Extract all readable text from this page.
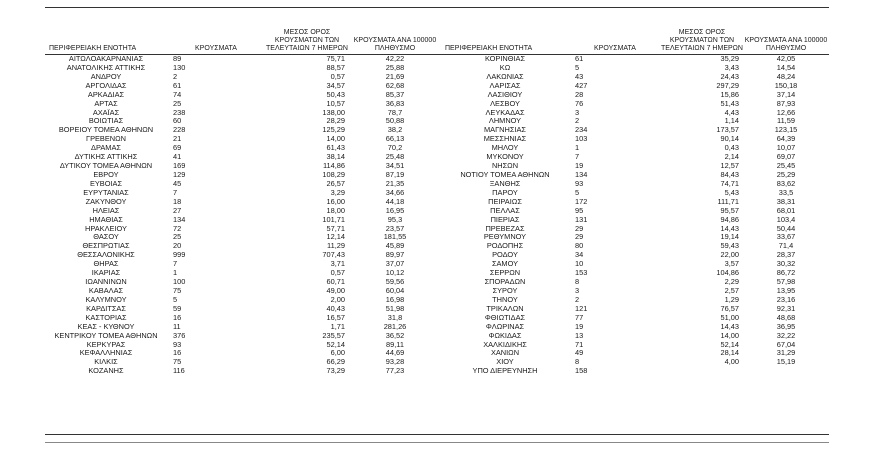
ΠΕΡΙΦΕΡΕΙΑΚΗ ΕΝΟΤΗΤΑ	ΚΡΟΥΣΜΑΤΑ	ΜΕΣΟΣ ΟΡΟΣ ΚΡΟΥΣΜΑΤΩΝ ΤΩΝ ΤΕΛΕΥΤΑΙΩΝ 7 ΗΜΕΡΩΝ	ΚΡΟΥΣΜΑΤΑ ΑΝΑ 100000 ΠΛΗΘΥΣΜΟ
ΑΙΤΩΛΟΑΚΑΡΝΑΝΙΑΣ	89	75,71	42,22
ΑΝΑΤΟΛΙΚΗΣ ΑΤΤΙΚΗΣ	130	88,57	25,88
ΑΝΔΡΟΥ	2	0,57	21,69
ΑΡΓΟΛΙΔΑΣ	61	34,57	62,68
ΑΡΚΑΔΙΑΣ	74	50,43	85,37
ΑΡΤΑΣ	25	10,57	36,83
ΑΧΑΪΑΣ	238	138,00	78,7
ΒΟΙΩΤΙΑΣ	60	28,29	50,88
ΒΟΡΕΙΟΥ ΤΟΜΕΑ ΑΘΗΝΩΝ	228	125,29	38,2
ΓΡΕΒΕΝΩΝ	21	14,00	66,13
ΔΡΑΜΑΣ	69	61,43	70,2
ΔΥΤΙΚΗΣ ΑΤΤΙΚΗΣ	41	38,14	25,48
ΔΥΤΙΚΟΥ ΤΟΜΕΑ ΑΘΗΝΩΝ	169	114,86	34,51
ΕΒΡΟΥ	129	108,29	87,19
ΕΥΒΟΙΑΣ	45	26,57	21,35
ΕΥΡΥΤΑΝΙΑΣ	7	3,29	34,66
ΖΑΚΥΝΘΟΥ	18	16,00	44,18
ΗΛΕΙΑΣ	27	18,00	16,95
ΗΜΑΘΙΑΣ	134	101,71	95,3
ΗΡΑΚΛΕΙΟΥ	72	57,71	23,57
ΘΑΣΟΥ	25	12,14	181,55
ΘΕΣΠΡΩΤΙΑΣ	20	11,29	45,89
ΘΕΣΣΑΛΟΝΙΚΗΣ	999	707,43	89,97
ΘΗΡΑΣ	7	3,71	37,07
ΙΚΑΡΙΑΣ	1	0,57	10,12
ΙΩΑΝΝΙΝΩΝ	100	60,71	59,56
ΚΑΒΑΛΑΣ	75	49,00	60,04
ΚΑΛΥΜΝΟΥ	5	2,00	16,98
ΚΑΡΔΙΤΣΑΣ	59	40,43	51,98
ΚΑΣΤΟΡΙΑΣ	16	16,57	31,8
ΚΕΑΣ - ΚΥΘΝΟΥ	11	1,71	281,26
ΚΕΝΤΡΙΚΟΥ ΤΟΜΕΑ ΑΘΗΝΩΝ	376	235,57	36,52
ΚΕΡΚΥΡΑΣ	93	52,14	89,11
ΚΕΦΑΛΛΗΝΙΑΣ	16	6,00	44,69
ΚΙΛΚΙΣ	75	66,29	93,28
ΚΟΖΑΝΗΣ	116	73,29	77,23
ΠΕΡΙΦΕΡΕΙΑΚΗ ΕΝΟΤΗΤΑ	ΚΡΟΥΣΜΑΤΑ	ΜΕΣΟΣ ΟΡΟΣ ΚΡΟΥΣΜΑΤΩΝ ΤΩΝ ΤΕΛΕΥΤΑΙΩΝ 7 ΗΜΕΡΩΝ	ΚΡΟΥΣΜΑΤΑ ΑΝΑ 100000 ΠΛΗΘΥΣΜΟ
ΚΟΡΙΝΘΙΑΣ	61	35,29	42,05
ΚΩ	5	3,43	14,54
ΛΑΚΩΝΙΑΣ	43	24,43	48,24
ΛΑΡΙΣΑΣ	427	297,29	150,18
ΛΑΣΙΘΙΟΥ	28	15,86	37,14
ΛΕΣΒΟΥ	76	51,43	87,93
ΛΕΥΚΑΔΑΣ	3	4,43	12,66
ΛΗΜΝΟΥ	2	1,14	11,59
ΜΑΓΝΗΣΙΑΣ	234	173,57	123,15
ΜΕΣΣΗΝΙΑΣ	103	90,14	64,39
ΜΗΛΟΥ	1	0,43	10,07
ΜΥΚΟΝΟΥ	7	2,14	69,07
ΝΗΣΩΝ	19	12,57	25,45
ΝΟΤΙΟΥ ΤΟΜΕΑ ΑΘΗΝΩΝ	134	84,43	25,29
ΞΑΝΘΗΣ	93	74,71	83,62
ΠΑΡΟΥ	5	5,43	33,5
ΠΕΙΡΑΙΩΣ	172	111,71	38,31
ΠΕΛΛΑΣ	95	95,57	68,01
ΠΙΕΡΙΑΣ	131	94,86	103,4
ΠΡΕΒΕΖΑΣ	29	14,43	50,44
ΡΕΘΥΜΝΟΥ	29	19,14	33,67
ΡΟΔΟΠΗΣ	80	59,43	71,4
ΡΟΔΟΥ	34	22,00	28,37
ΣΑΜΟΥ	10	3,57	30,32
ΣΕΡΡΩΝ	153	104,86	86,72
ΣΠΟΡΑΔΩΝ	8	2,29	57,98
ΣΥΡΟΥ	3	2,57	13,95
ΤΗΝΟΥ	2	1,29	23,16
ΤΡΙΚΑΛΩΝ	121	76,57	92,31
ΦΘΙΩΤΙΔΑΣ	77	51,00	48,68
ΦΛΩΡΙΝΑΣ	19	14,43	36,95
ΦΩΚΙΔΑΣ	13	14,00	32,22
ΧΑΛΚΙΔΙΚΗΣ	71	52,14	67,04
ΧΑΝΙΩΝ	49	28,14	31,29
ΧΙΟΥ	8	4,00	15,19
ΥΠΟ ΔΙΕΡΕΥΝΗΣΗ	158		
